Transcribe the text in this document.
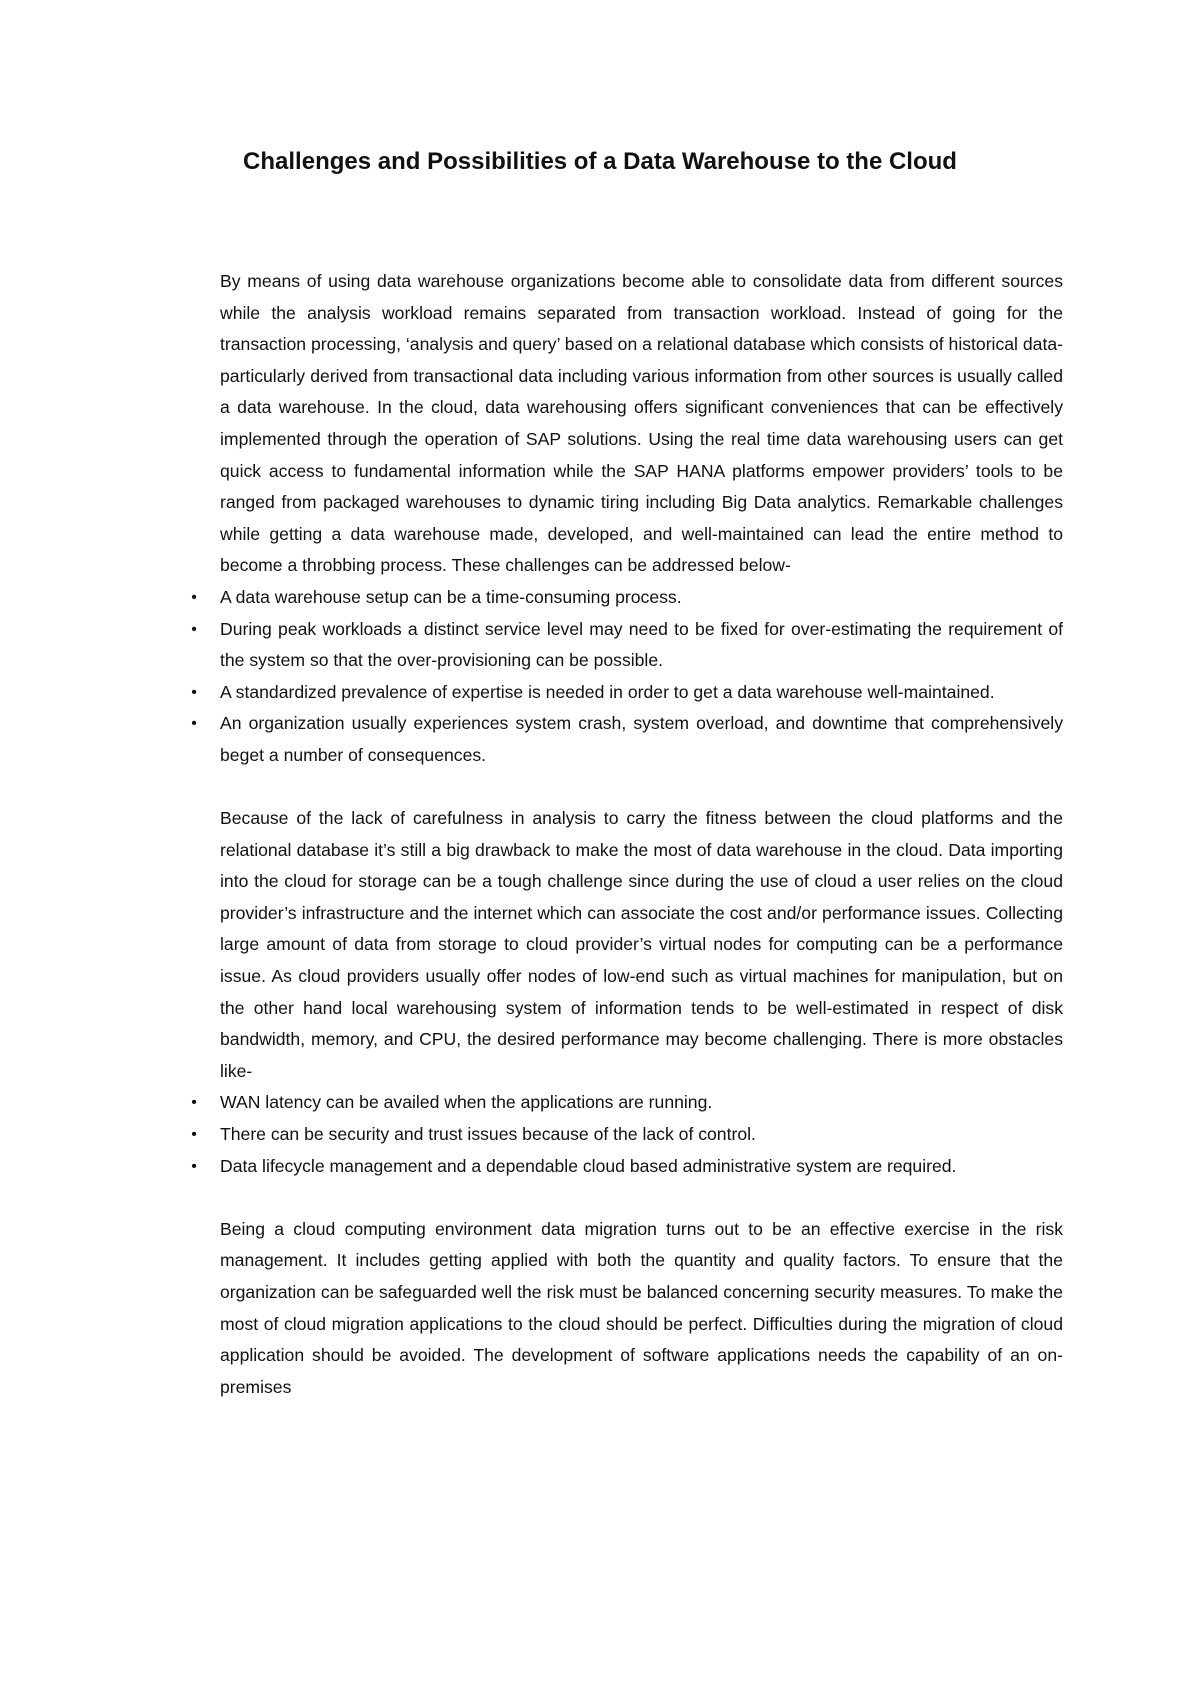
Challenges and Possibilities of a Data Warehouse to the Cloud

By means of using data warehouse organizations become able to consolidate data from different sources while the analysis workload remains separated from transaction workload. Instead of going for the transaction processing, ‘analysis and query’ based on a relational database which consists of historical data- particularly derived from transactional data including various information from other sources is usually called a data warehouse. In the cloud, data warehousing offers significant conveniences that can be effectively implemented through the operation of SAP solutions. Using the real time data warehousing users can get quick access to fundamental information while the SAP HANA platforms empower providers’ tools to be ranged from packaged warehouses to dynamic tiring including Big Data analytics. Remarkable challenges while getting a data warehouse made, developed, and well-maintained can lead the entire method to become a throbbing process. These challenges can be addressed below-

•	A data warehouse setup can be a time-consuming process.
•	During peak workloads a distinct service level may need to be fixed for over-estimating the requirement of the system so that the over-provisioning can be possible.
•	A standardized prevalence of expertise is needed in order to get a data warehouse well-maintained.
•	An organization usually experiences system crash, system overload, and downtime that comprehensively beget a number of consequences.

Because of the lack of carefulness in analysis to carry the fitness between the cloud platforms and the relational database it’s still a big drawback to make the most of data warehouse in the cloud. Data importing into the cloud for storage can be a tough challenge since during the use of cloud a user relies on the cloud provider’s infrastructure and the internet which can associate the cost and/or performance issues. Collecting large amount of data from storage to cloud provider’s virtual nodes for computing can be a performance issue. As cloud providers usually offer nodes of low-end such as virtual machines for manipulation, but on the other hand local warehousing system of information tends to be well-estimated in respect of disk bandwidth, memory, and CPU, the desired performance may become challenging. There is more obstacles like-

•	WAN latency can be availed when the applications are running.
•	There can be security and trust issues because of the lack of control.
•	Data lifecycle management and a dependable cloud based administrative system are required.

Being a cloud computing environment data migration turns out to be an effective exercise in the risk management. It includes getting applied with both the quantity and quality factors. To ensure that the organization can be safeguarded well the risk must be balanced concerning security measures. To make the most of cloud migration applications to the cloud should be perfect. Difficulties during the migration of cloud application should be avoided. The development of software applications needs the capability of an on-premises
